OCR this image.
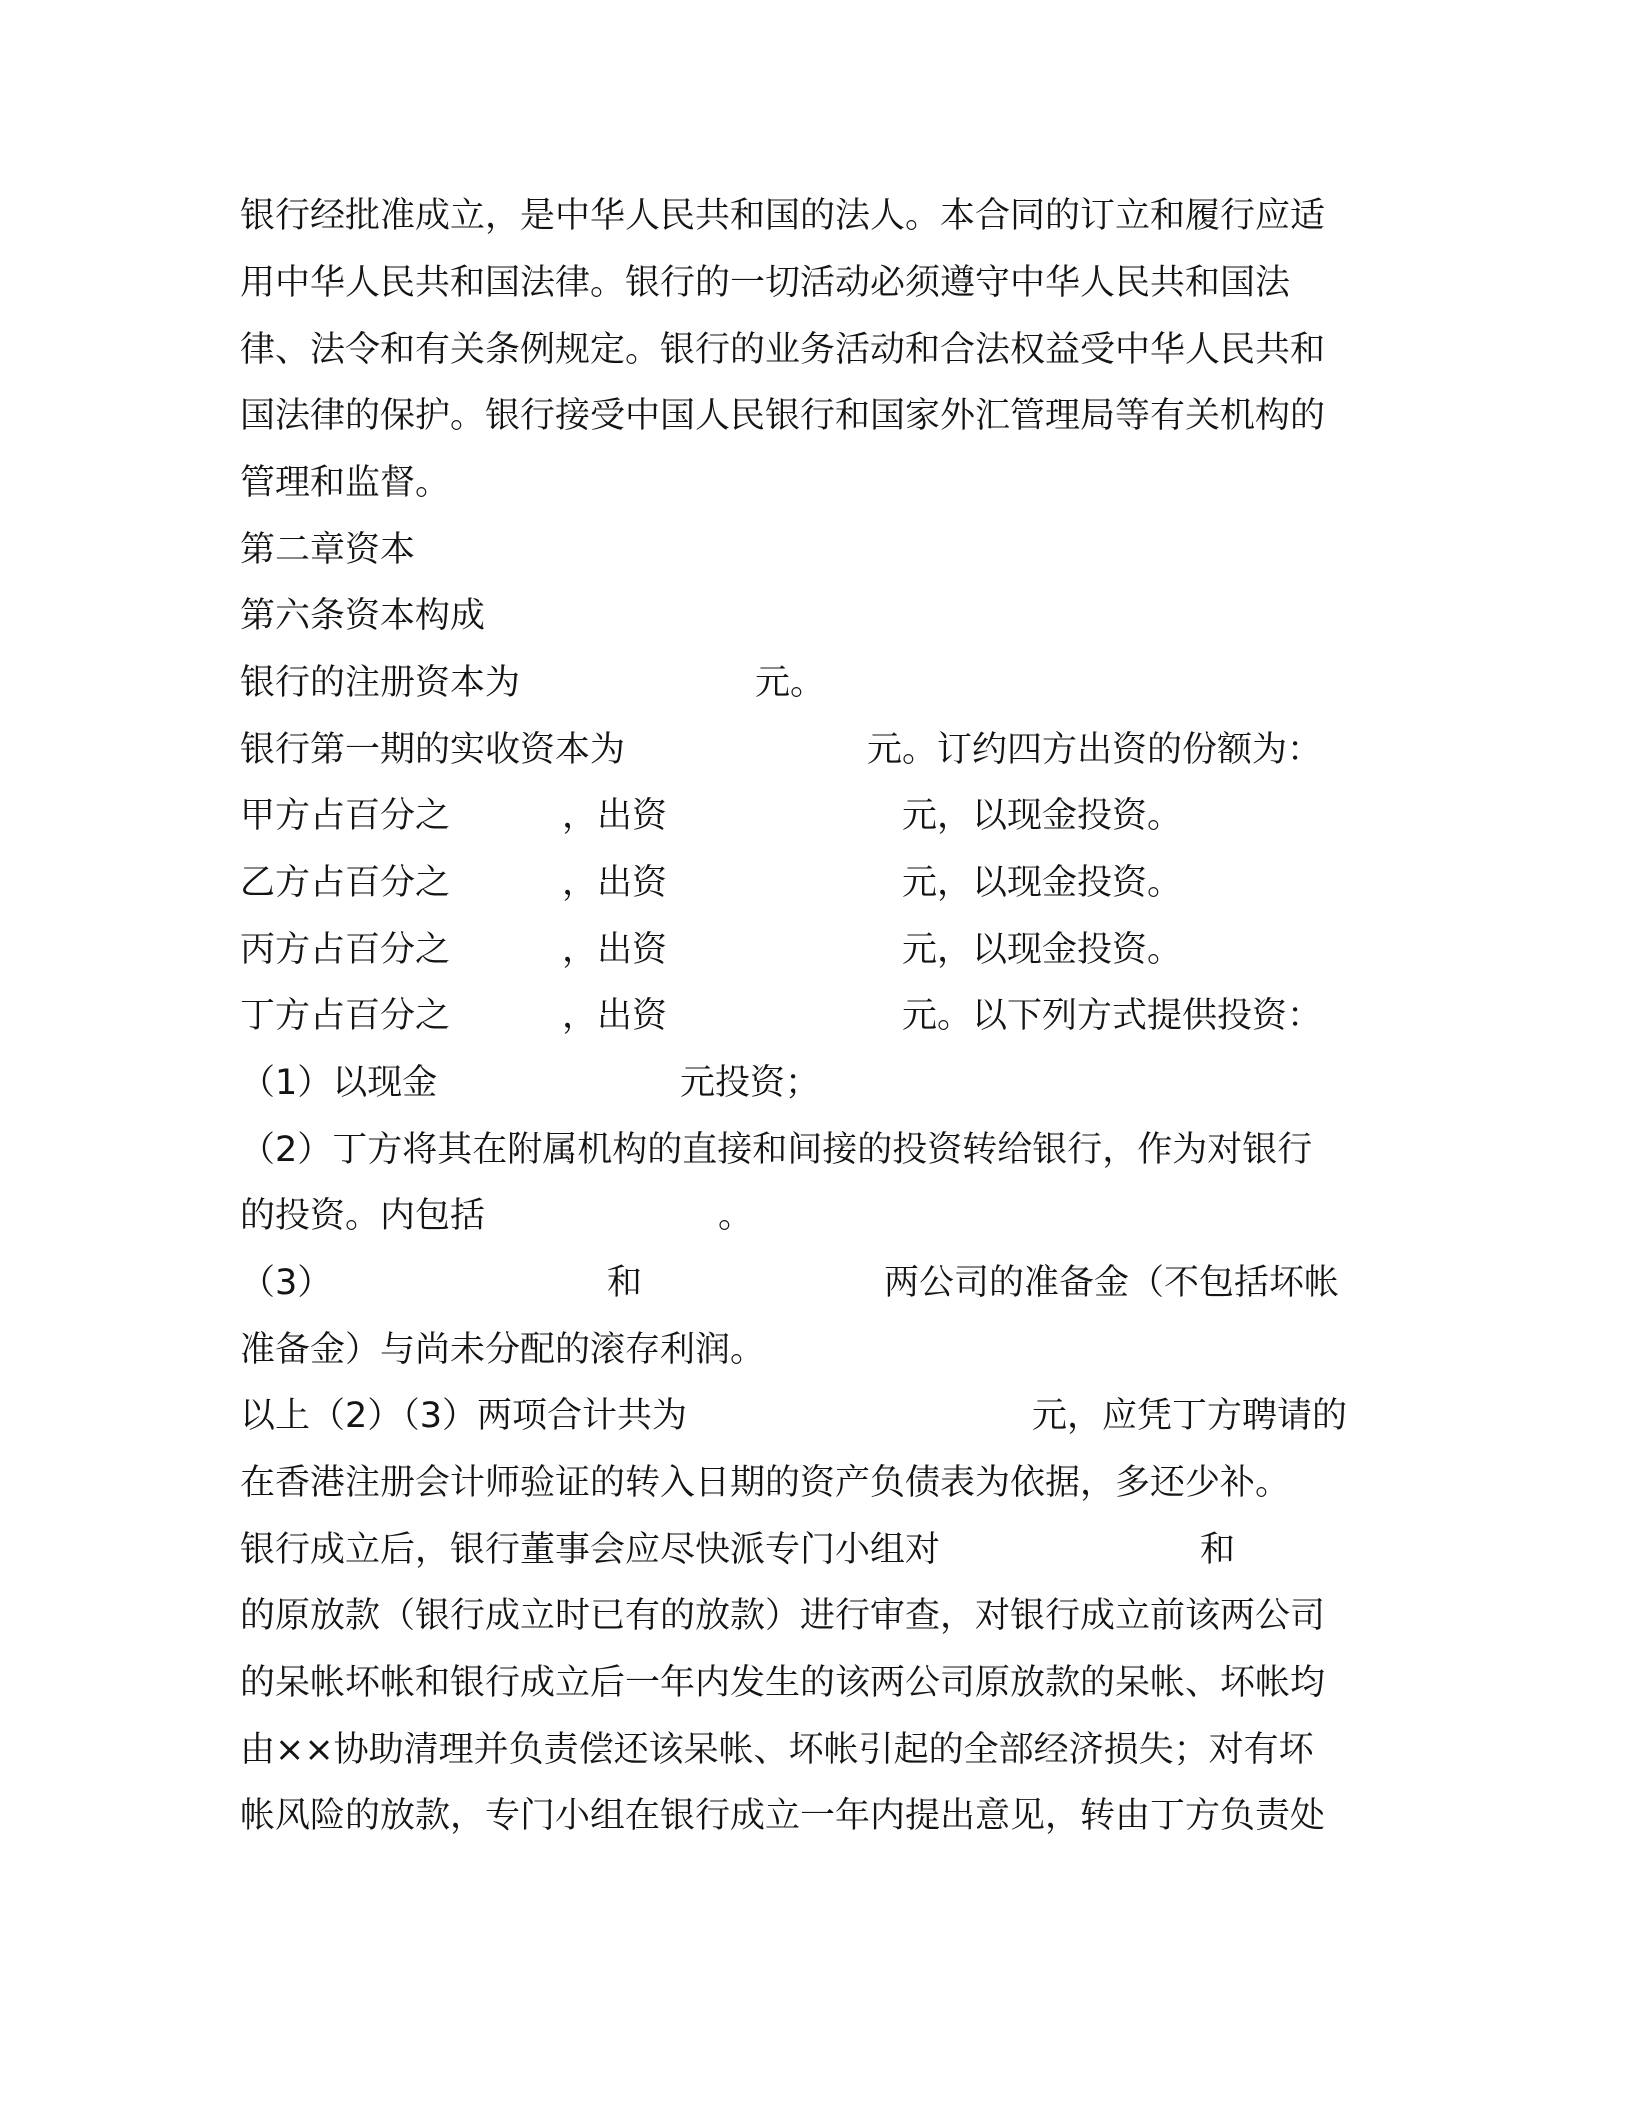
银行经批准成立，是中华人民共和国的法人。本合同的订立和履行应适
用中华人民共和国法律。银行的一切活动必须遵守中华人民共和国法
律、法令和有关条例规定。银行的业务活动和合法权益受中华人民共和
国法律的保护。银行接受中国人民银行和国家外汇管理局等有关机构的
管理和监督。
第二章资本
第六条资本构成
银行的注册资本为	元。
银行第一期的实收资本为	元。订约四方出资的份额为：
甲方占百分之	，出资	元，以现金投资。
乙方占百分之	，出资	元，以现金投资。
丙方占百分之	，出资	元，以现金投资。
丁方占百分之	，出资	元。以下列方式提供投资：
（1）以现金	元投资；
（2）丁方将其在附属机构的直接和间接的投资转给银行，作为对银行
的投资。内包括	。
（3）	和	两公司的准备金（不包括坏帐
准备金）与尚未分配的滚存利润。
以上（2）（3）两项合计共为	元，应凭丁方聘请的
在香港注册会计师验证的转入日期的资产负债表为依据，多还少补。
银行成立后，银行董事会应尽快派专门小组对	和
的原放款（银行成立时已有的放款）进行审查，对银行成立前该两公司
的呆帐坏帐和银行成立后一年内发生的该两公司原放款的呆帐、坏帐均
由××协助清理并负责偿还该呆帐、坏帐引起的全部经济损失；对有坏
帐风险的放款，专门小组在银行成立一年内提出意见，转由丁方负责处
